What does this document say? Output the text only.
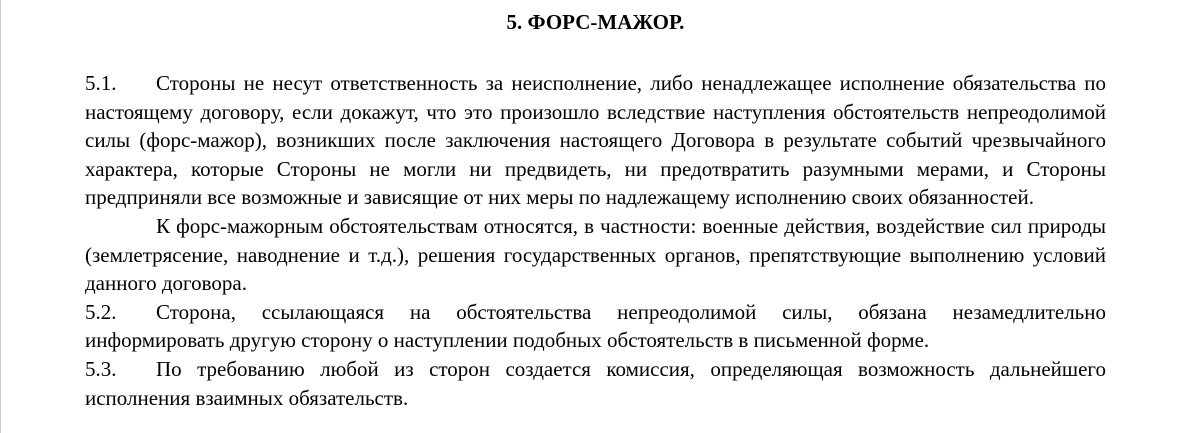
5. ФОРС-МАЖОР.

5.1. Стороны не несут ответственность за неисполнение, либо ненадлежащее исполнение обязательства по настоящему договору, если докажут, что это произошло вследствие наступления обстоятельств непреодолимой силы (форс-мажор), возникших после заключения настоящего Договора в результате событий чрезвычайного характера, которые Стороны не могли ни предвидеть, ни предотвратить разумными мерами, и Стороны предприняли все возможные и зависящие от них меры по надлежащему исполнению своих обязанностей.

К форс-мажорным обстоятельствам относятся, в частности: военные действия, воздействие сил природы (землетрясение, наводнение и т.д.), решения государственных органов, препятствующие выполнению условий данного договора.

5.2. Сторона, ссылающаяся на обстоятельства непреодолимой силы, обязана незамедлительно информировать другую сторону о наступлении подобных обстоятельств в письменной форме.

5.3. По требованию любой из сторон создается комиссия, определяющая возможность дальнейшего исполнения взаимных обязательств.
